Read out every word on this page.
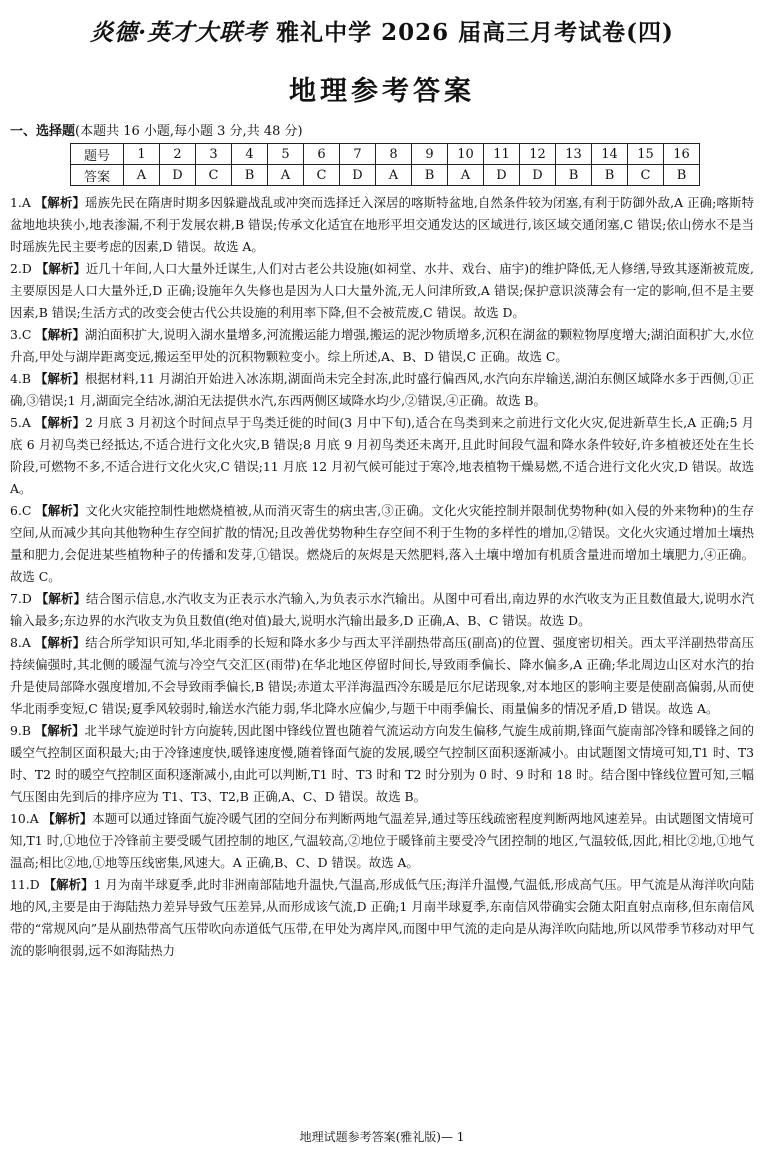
炎德·英才大联考 雅礼中学 2026 届高三月考试卷(四)
地理参考答案
一、选择题(本题共 16 小题,每小题 3 分,共 48 分)
题号	1	2	3	4	5	6	7	8	9	10	11	12	13	14	15	16
答案	A	D	C	B	A	C	D	A	B	A	D	D	B	B	C	B

1.A 【解析】瑶族先民在隋唐时期多因躲避战乱或冲突而选择迁入深居的喀斯特盆地,自然条件较为闭塞,有利于防御外敌,A 正确;喀斯特盆地地块狭小,地表渗漏,不利于发展农耕,B 错误;传承文化适宜在地形平坦交通发达的区域进行,该区域交通闭塞,C 错误;依山傍水不是当时瑶族先民主要考虑的因素,D 错误。故选 A。

2.D 【解析】近几十年间,人口大量外迁谋生,人们对古老公共设施(如祠堂、水井、戏台、庙宇)的维护降低,无人修缮,导致其逐渐被荒废,主要原因是人口大量外迁,D 正确;设施年久失修也是因为人口大量外流,无人问津所致,A 错误;保护意识淡薄会有一定的影响,但不是主要因素,B 错误;生活方式的改变会使古代公共设施的利用率下降,但不会被荒废,C 错误。故选 D。

3.C 【解析】湖泊面积扩大,说明入湖水量增多,河流搬运能力增强,搬运的泥沙物质增多,沉积在湖盆的颗粒物厚度增大;湖泊面积扩大,水位升高,甲处与湖岸距离变远,搬运至甲处的沉积物颗粒变小。综上所述,A、B、D 错误,C 正确。故选 C。

4.B 【解析】根据材料,11 月湖泊开始进入冰冻期,湖面尚未完全封冻,此时盛行偏西风,水汽向东岸输送,湖泊东侧区域降水多于西侧,①正确,③错误;1 月,湖面完全结冰,湖泊无法提供水汽,东西两侧区域降水均少,②错误,④正确。故选 B。

5.A 【解析】2 月底 3 月初这个时间点早于鸟类迁徙的时间(3 月中下旬),适合在鸟类到来之前进行文化火灾,促进新草生长,A 正确;5 月底 6 月初鸟类已经抵达,不适合进行文化火灾,B 错误;8 月底 9 月初鸟类还未离开,且此时间段气温和降水条件较好,许多植被还处在生长阶段,可燃物不多,不适合进行文化火灾,C 错误;11 月底 12 月初气候可能过于寒冷,地表植物干燥易燃,不适合进行文化火灾,D 错误。故选 A。

6.C 【解析】文化火灾能控制性地燃烧植被,从而消灭寄生的病虫害,③正确。文化火灾能控制并限制优势物种(如入侵的外来物种)的生存空间,从而减少其向其他物种生存空间扩散的情况;且改善优势物种生存空间不利于生物的多样性的增加,②错误。文化火灾通过增加土壤热量和肥力,会促进某些植物种子的传播和发芽,①错误。燃烧后的灰烬是天然肥料,落入土壤中增加有机质含量进而增加土壤肥力,④正确。故选 C。

7.D 【解析】结合图示信息,水汽收支为正表示水汽输入,为负表示水汽输出。从图中可看出,南边界的水汽收支为正且数值最大,说明水汽输入最多;东边界的水汽收支为负且数值(绝对值)最大,说明水汽输出最多,D 正确,A、B、C 错误。故选 D。

8.A 【解析】结合所学知识可知,华北雨季的长短和降水多少与西太平洋副热带高压(副高)的位置、强度密切相关。西太平洋副热带高压持续偏强时,其北侧的暖湿气流与冷空气交汇区(雨带)在华北地区停留时间长,导致雨季偏长、降水偏多,A 正确;华北周边山区对水汽的抬升是使局部降水强度增加,不会导致雨季偏长,B 错误;赤道太平洋海温西冷东暖是厄尔尼诺现象,对本地区的影响主要是使副高偏弱,从而使华北雨季变短,C 错误;夏季风较弱时,输送水汽能力弱,华北降水应偏少,与题干中雨季偏长、雨量偏多的情况矛盾,D 错误。故选 A。

9.B 【解析】北半球气旋逆时针方向旋转,因此图中锋线位置也随着气流运动方向发生偏移,气旋生成前期,锋面气旋南部冷锋和暖锋之间的暖空气控制区面积最大;由于冷锋速度快,暖锋速度慢,随着锋面气旋的发展,暖空气控制区面积逐渐减小。由试题图文情境可知,T1 时、T3 时、T2 时的暖空气控制区面积逐渐减小,由此可以判断,T1 时、T3 时和 T2 时分别为 0 时、9 时和 18 时。结合图中锋线位置可知,三幅气压图由先到后的排序应为 T1、T3、T2,B 正确,A、C、D 错误。故选 B。

10.A 【解析】本题可以通过锋面气旋冷暖气团的空间分布判断两地气温差异,通过等压线疏密程度判断两地风速差异。由试题图文情境可知,T1 时,①地位于冷锋前主要受暖气团控制的地区,气温较高,②地位于暖锋前主要受冷气团控制的地区,气温较低,因此,相比②地,①地气温高;相比②地,①地等压线密集,风速大。A 正确,B、C、D 错误。故选 A。

11.D 【解析】1 月为南半球夏季,此时非洲南部陆地升温快,气温高,形成低气压;海洋升温慢,气温低,形成高气压。甲气流是从海洋吹向陆地的风,主要是由于海陆热力差异导致气压差异,从而形成该气流,D 正确;1 月南半球夏季,东南信风带确实会随太阳直射点南移,但东南信风带的“常规风向”是从副热带高气压带吹向赤道低气压带,在甲处为离岸风,而图中甲气流的走向是从海洋吹向陆地,所以风带季节移动对甲气流的影响很弱,远不如海陆热力

地理试题参考答案(雅礼版)— 1
